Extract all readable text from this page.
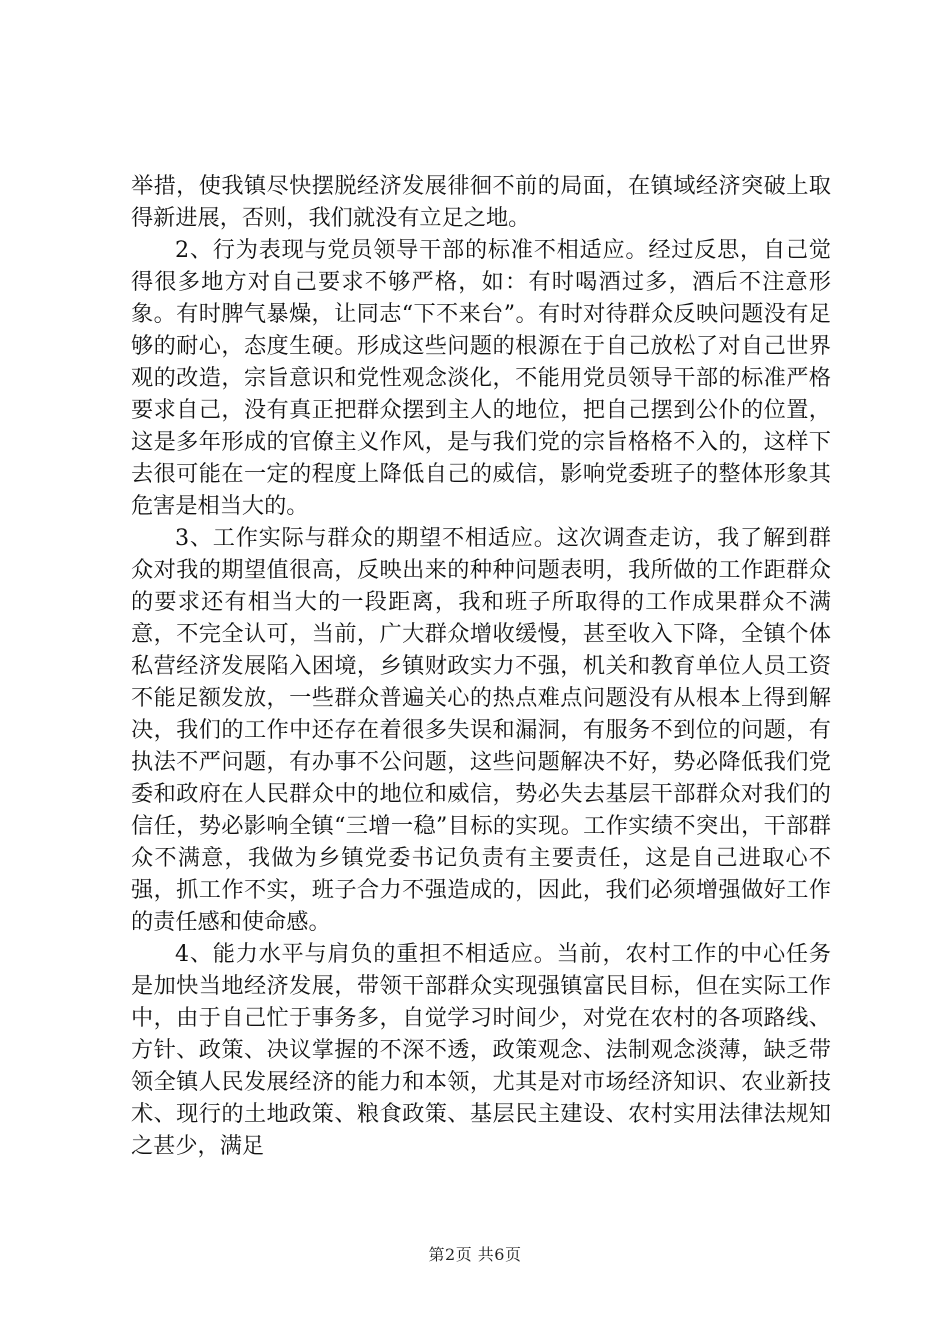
举措，使我镇尽快摆脱经济发展徘徊不前的局面，在镇域经济突破上取得新进展，否则，我们就没有立足之地。

2、行为表现与党员领导干部的标准不相适应。经过反思，自己觉得很多地方对自己要求不够严格，如：有时喝酒过多，酒后不注意形象。有时脾气暴燥，让同志“下不来台”。有时对待群众反映问题没有足够的耐心，态度生硬。形成这些问题的根源在于自己放松了对自己世界观的改造，宗旨意识和党性观念淡化，不能用党员领导干部的标准严格要求自己，没有真正把群众摆到主人的地位，把自己摆到公仆的位置，这是多年形成的官僚主义作风，是与我们党的宗旨格格不入的，这样下去很可能在一定的程度上降低自己的威信，影响党委班子的整体形象其危害是相当大的。

3、工作实际与群众的期望不相适应。这次调查走访，我了解到群众对我的期望值很高，反映出来的种种问题表明，我所做的工作距群众的要求还有相当大的一段距离，我和班子所取得的工作成果群众不满意，不完全认可，当前，广大群众增收缓慢，甚至收入下降，全镇个体私营经济发展陷入困境，乡镇财政实力不强，机关和教育单位人员工资不能足额发放，一些群众普遍关心的热点难点问题没有从根本上得到解决，我们的工作中还存在着很多失误和漏洞，有服务不到位的问题，有执法不严问题，有办事不公问题，这些问题解决不好，势必降低我们党委和政府在人民群众中的地位和威信，势必失去基层干部群众对我们的信任，势必影响全镇“三增一稳”目标的实现。工作实绩不突出，干部群众不满意，我做为乡镇党委书记负责有主要责任，这是自己进取心不强，抓工作不实，班子合力不强造成的，因此，我们必须增强做好工作的责任感和使命感。

4、能力水平与肩负的重担不相适应。当前，农村工作的中心任务是加快当地经济发展，带领干部群众实现强镇富民目标，但在实际工作中，由于自己忙于事务多，自觉学习时间少，对党在农村的各项路线、方针、政策、决议掌握的不深不透，政策观念、法制观念淡薄，缺乏带领全镇人民发展经济的能力和本领，尤其是对市场经济知识、农业新技术、现行的土地政策、粮食政策、基层民主建设、农村实用法律法规知之甚少，满足

第2页 共6页
